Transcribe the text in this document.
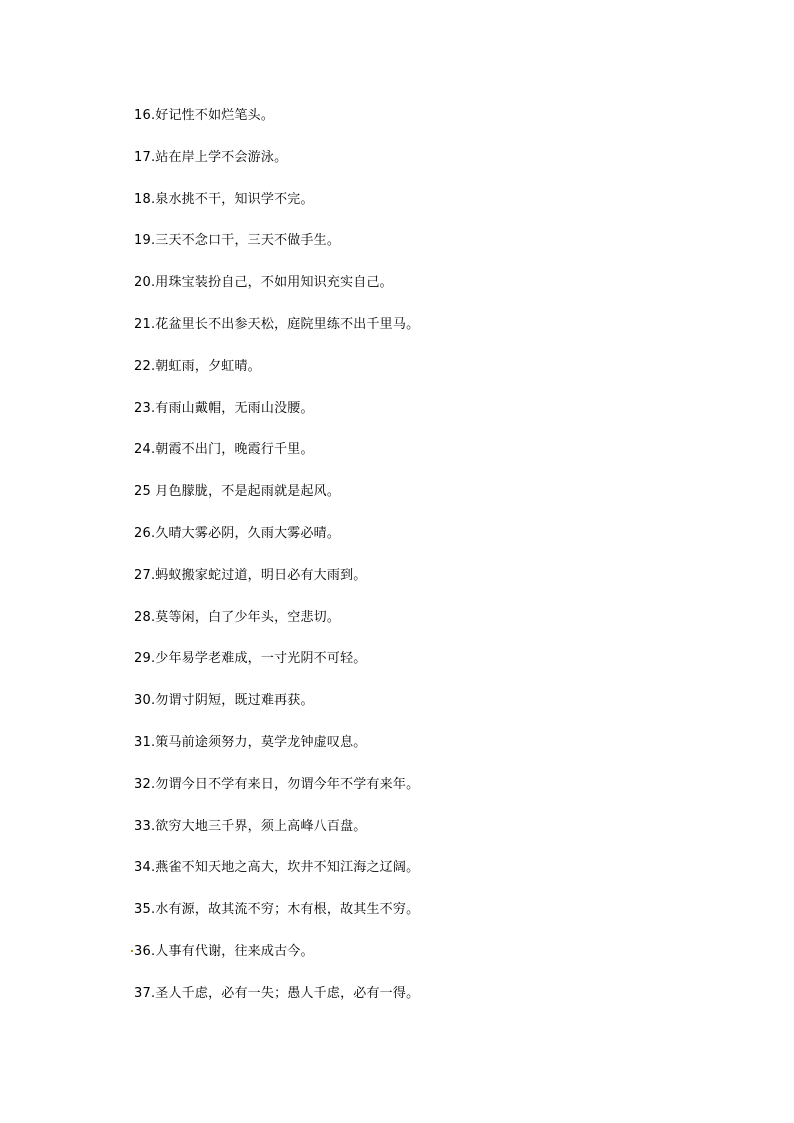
16.好记性不如烂笔头。
17.站在岸上学不会游泳。
18.泉水挑不干，知识学不完。
19.三天不念口干，三天不做手生。
20.用珠宝装扮自己，不如用知识充实自己。
21.花盆里长不出参天松，庭院里练不出千里马。
22.朝虹雨，夕虹晴。
23.有雨山戴帽，无雨山没腰。
24.朝霞不出门，晚霞行千里。
25 月色朦胧，不是起雨就是起风。
26.久晴大雾必阴，久雨大雾必晴。
27.蚂蚁搬家蛇过道，明日必有大雨到。
28.莫等闲，白了少年头，空悲切。
29.少年易学老难成，一寸光阴不可轻。
30.勿谓寸阴短，既过难再获。
31.策马前途须努力，莫学龙钟虚叹息。
32.勿谓今日不学有来日，勿谓今年不学有来年。
33.欲穷大地三千界，须上高峰八百盘。
34.燕雀不知天地之高大，坎井不知江海之辽阔。
35.水有源，故其流不穷；木有根，故其生不穷。
36.人事有代谢，往来成古今。
37.圣人千虑，必有一失；愚人千虑，必有一得。
